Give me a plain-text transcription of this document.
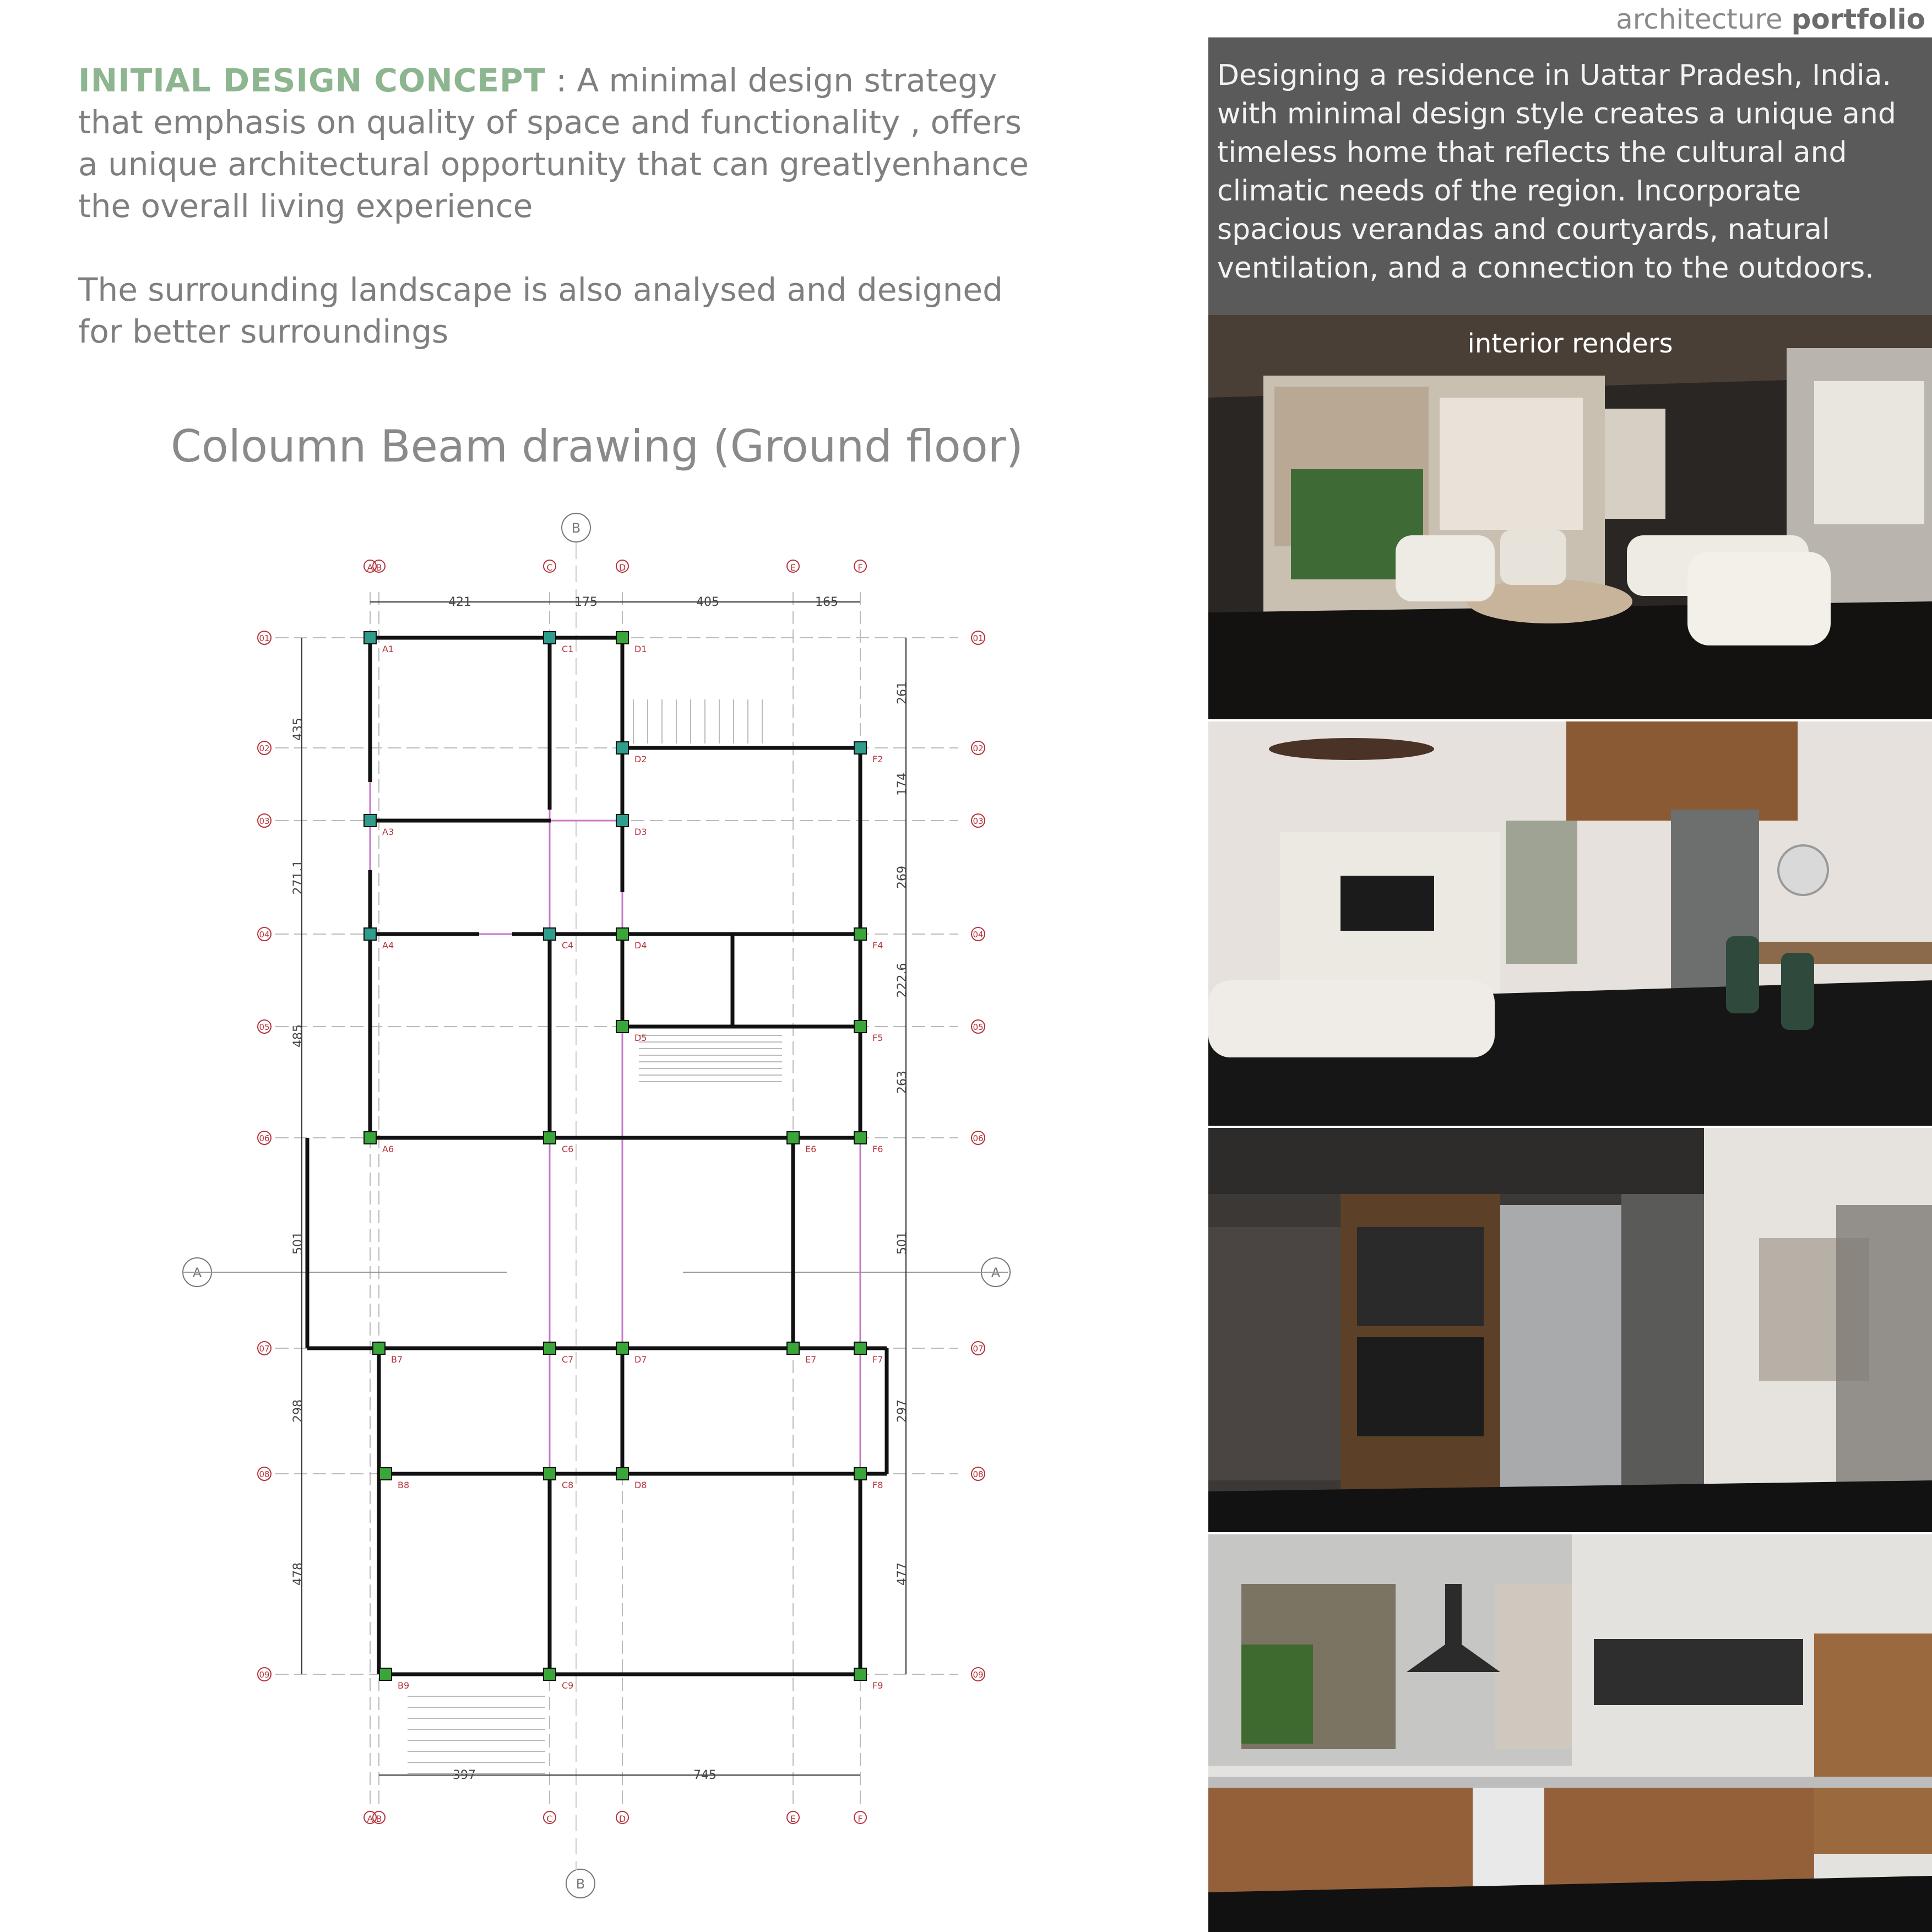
architecture portfolio

INITIAL DESIGN CONCEPT : A minimal design strategy that emphasis on quality of space and functionality , offers a unique architectural opportunity that can greatlyenhance the overall living experience

The surrounding landscape is also analysed and designed for better surroundings

Coloumn Beam drawing (Ground floor)
A
A
B
B
C
C
D
D
E
E
F
F
01	01
02	02
03	03
04	04
05	05
06	06
07	07
08	08
09	09
B
A	A
B
421	175	405	165
397	745
435
271.1
485
501
298
478
261
174
269
222.6
263
501
297
477
A1	C1	D1
D2	F2
A3	D3
A4	C4	D4	F4
D5	F5
A6	C6	E6	F6
B7	C7	D7	E7	F7
B8	C8	D8	F8
B9	C9	F9
Designing a residence in Uattar Pradesh, India. with minimal design style creates a unique and timeless home that reflects the cultural and climatic needs of the region. Incorporate spacious verandas and courtyards, natural ventilation, and a connection to the outdoors.
interior renders
